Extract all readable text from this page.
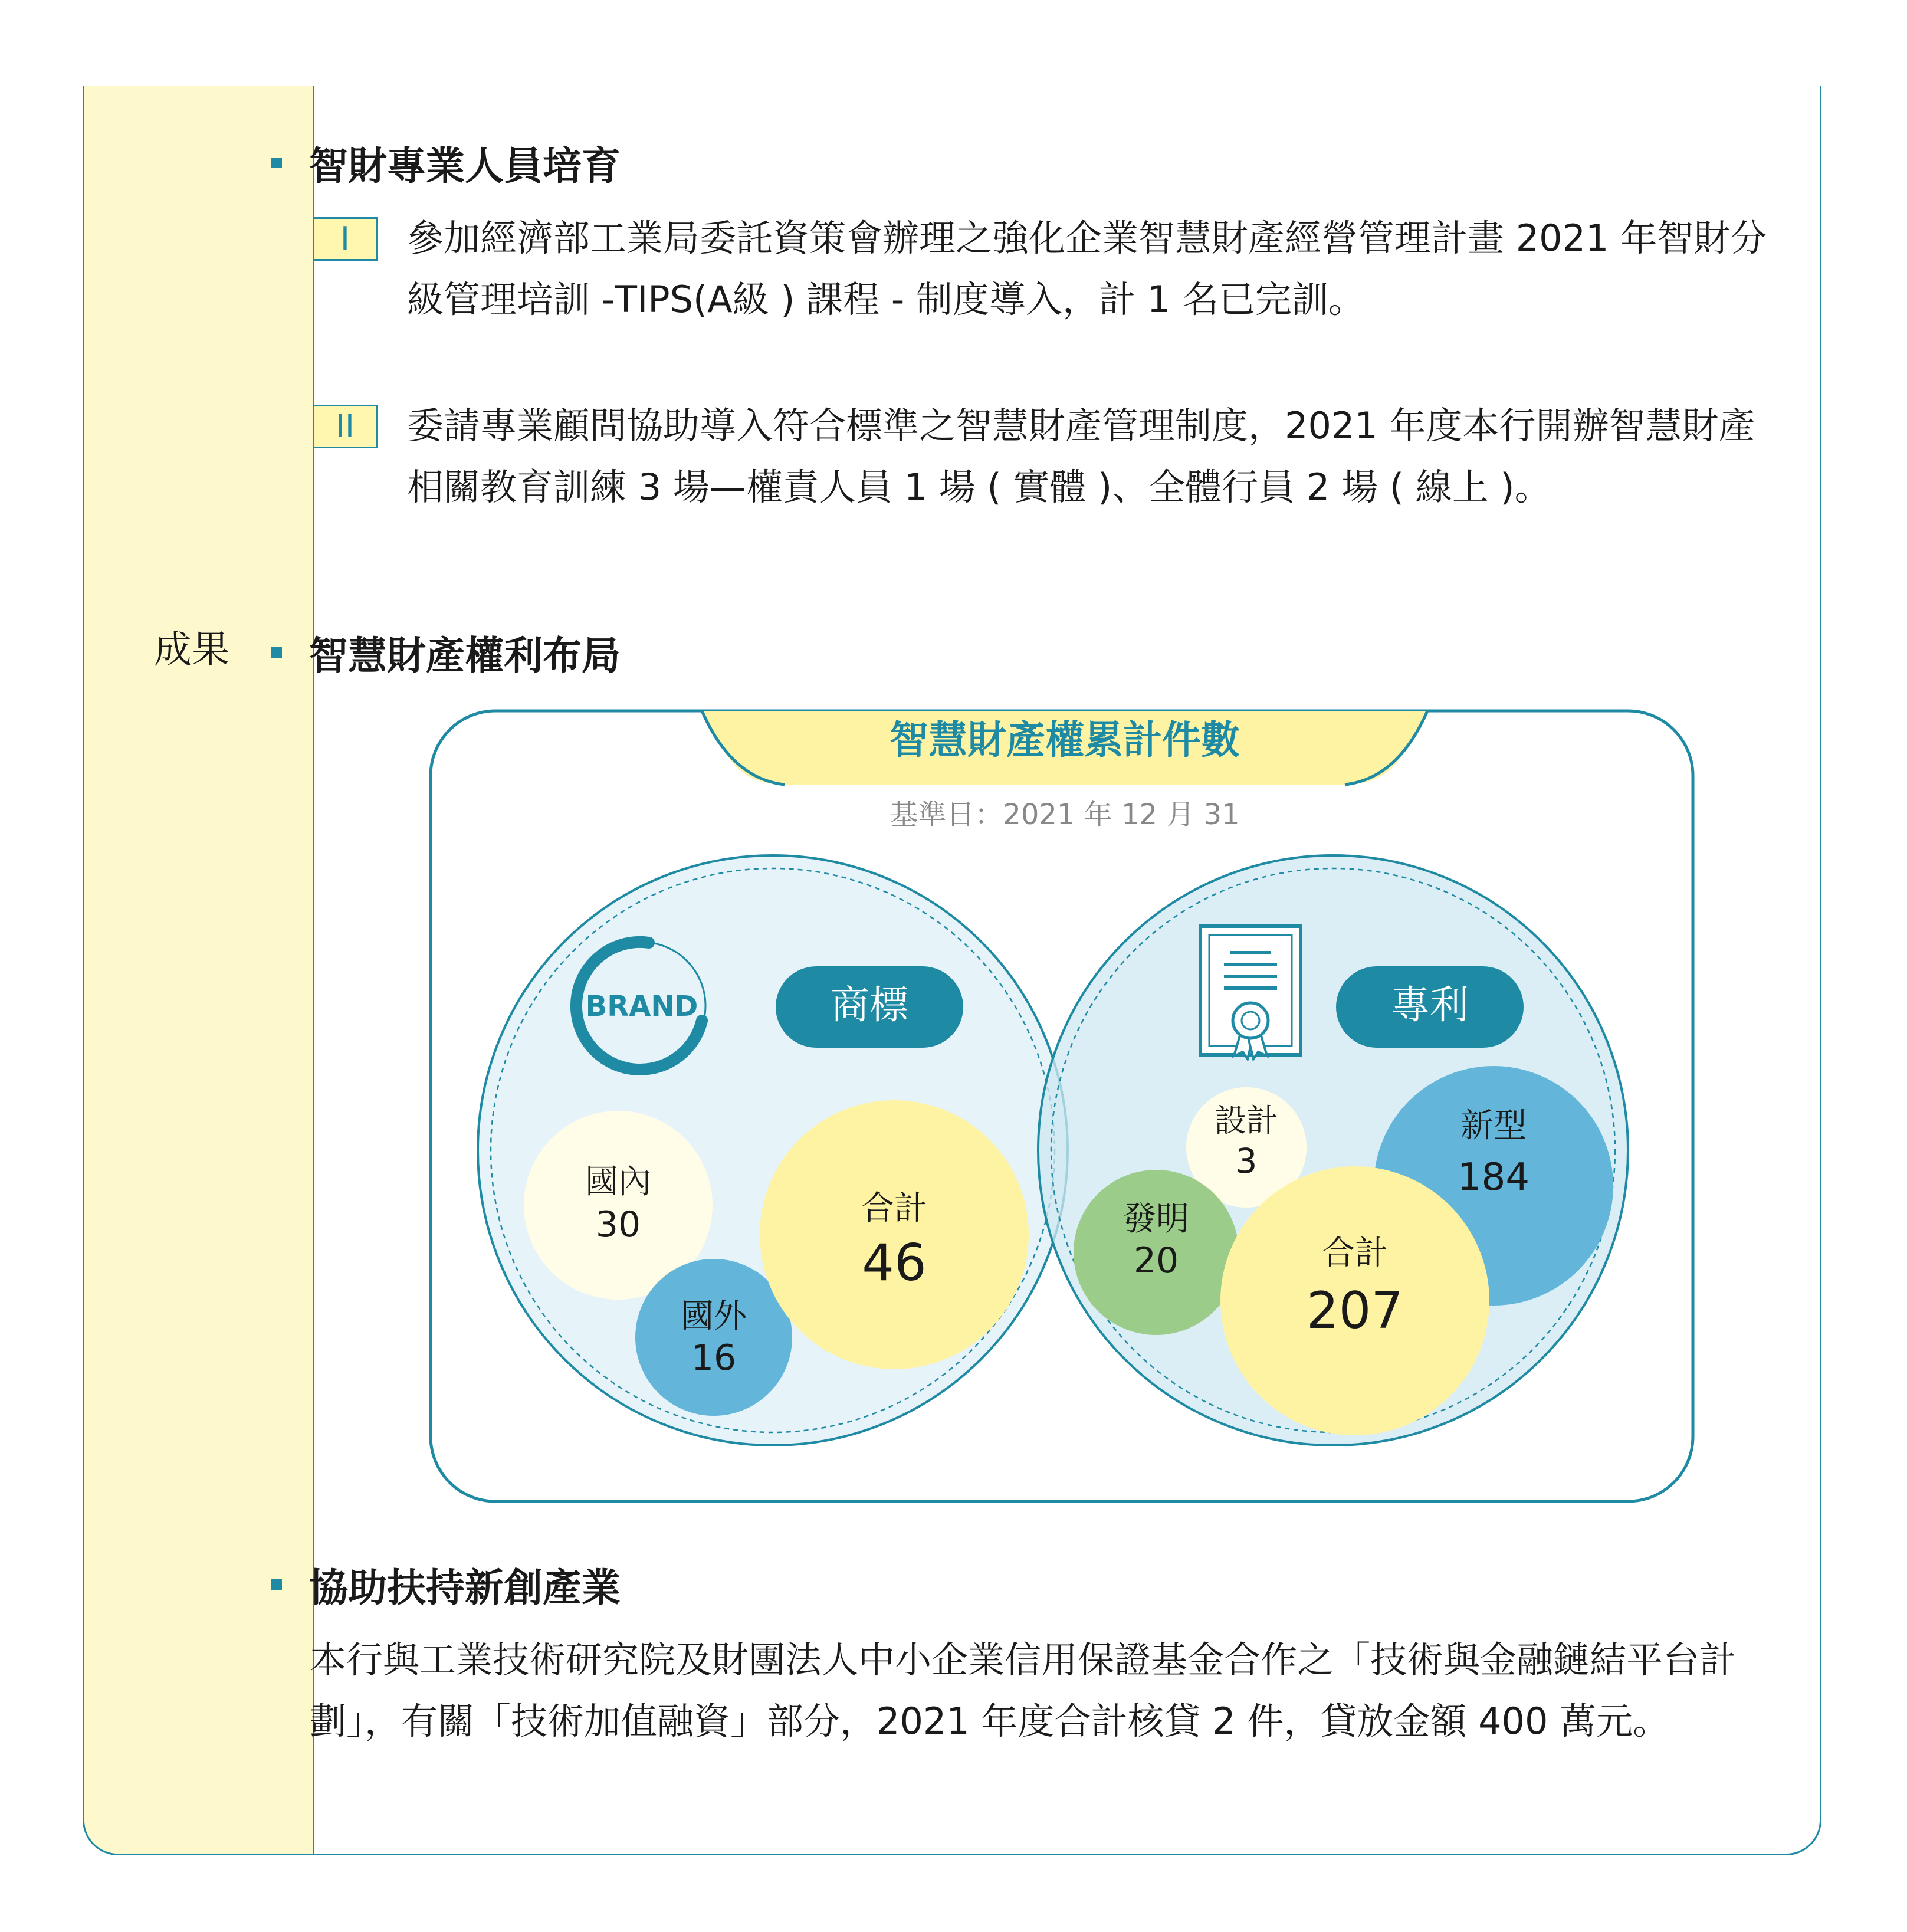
成果
智財專業人員培育
I	參加經濟部工業局委託資策會辦理之強化企業智慧財產經營管理計畫 2021 年智財分級管理培訓 -TIPS(A級 ) 課程 - 制度導入，計 1 名已完訓。
II	委請專業顧問協助導入符合標準之智慧財產管理制度，2021 年度本行開辦智慧財產相關教育訓練 3 場—權責人員 1 場 ( 實體 )、全體行員 2 場 ( 線上 )。
智慧財產權利布局
智慧財產權累計件數
基準日：2021 年 12 月 31
BRAND	商標	專利
國內
30
國外
16
合計
46
設計
3
新型
184
發明
20	合計
207
協助扶持新創產業
本行與工業技術研究院及財團法人中小企業信用保證基金合作之「技術與金融鏈結平台計劃」，有關「技術加值融資」部分，2021 年度合計核貸 2 件，貸放金額 400 萬元。
